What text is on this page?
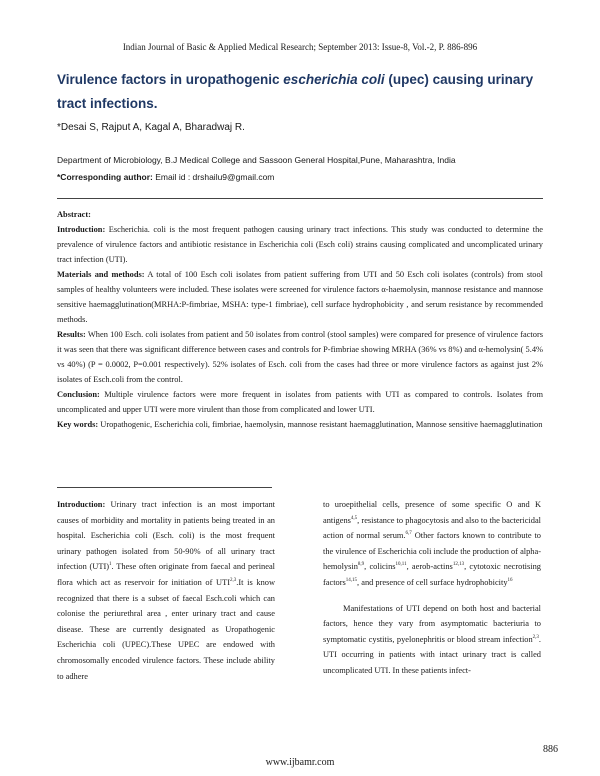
Indian Journal of Basic & Applied Medical Research; September 2013: Issue-8, Vol.-2, P. 886-896
Virulence factors in uropathogenic escherichia coli (upec) causing urinary tract infections.
*Desai S, Rajput A, Kagal A, Bharadwaj R.
Department of Microbiology, B.J Medical College and Sassoon General Hospital,Pune, Maharashtra, India
*Corresponding author: Email id : drshailu9@gmail.com

Abstract:

Introduction: Escherichia. coli is the most frequent pathogen causing urinary tract infections. This study was conducted to determine the prevalence of virulence factors and antibiotic resistance in Escherichia coli (Esch coli) strains causing complicated and uncomplicated urinary tract infection (UTI).

Materials and methods: A total of 100 Esch coli isolates from patient suffering from UTI and 50 Esch coli isolates (controls) from stool samples of healthy volunteers were included. These isolates were screened for virulence factors α-haemolysin, mannose resistance and mannose sensitive haemagglutination(MRHA:P-fimbriae, MSHA: type-1 fimbriae), cell surface hydrophobicity , and serum resistance by recommended methods.

Results: When 100 Esch. coli isolates from patient and 50 isolates from control (stool samples) were compared for presence of virulence factors it was seen that there was significant difference between cases and controls for P-fimbriae showing MRHA (36% vs 8%) and α-hemolysin( 5.4% vs 40%) (P = 0.0002, P=0.001 respectively). 52% isolates of Esch. coli from the cases had three or more virulence factors as against just 2% isolates of Esch.coli from the control.

Conclusion: Multiple virulence factors were more frequent in isolates from patients with UTI as compared to controls. Isolates from uncomplicated and upper UTI were more virulent than those from complicated and lower UTI.

Key words: Uropathogenic, Escherichia coli, fimbriae, haemolysin, mannose resistant haemagglutination, Mannose sensitive haemagglutination

Introduction: Urinary tract infection is an most important causes of morbidity and mortality in patients being treated in an hospital. Escherichia coli (Esch. coli) is the most frequent urinary pathogen isolated from 50-90% of all urinary tract infection (UTI)$^1$. These often originate from faecal and perineal flora which act as reservoir for initiation of UTI$^{2,3}$.It is know recognized that there is a subset of faecal Esch.coli which can colonise the periurethral area , enter urinary tract and cause disease. These are currently designated as Uropathogenic Escherichia coli (UPEC).These UPEC are endowed with chromosomally encoded virulence factors. These include ability to adhere

to uroepithelial cells, presence of some specific O and K antigens$^{4,5}$, resistance to phagocytosis and also to the bactericidal action of normal serum.$^{6,7}$ Other factors known to contribute to the virulence of Escherichia coli include the production of alpha-hemolysin$^{8,9}$, colicins$^{10,11}$, aerob-actins$^{12,13}$, cytotoxic necrotising factors$^{14,15}$, and presence of cell surface hydrophobicity$^{16}$

Manifestations of UTI depend on both host and bacterial factors, hence they vary from asymptomatic bacteriuria to symptomatic cystitis, pyelonephritis or blood stream infection$^{2,3}$. UTI occurring in patients with intact urinary tract is called uncomplicated UTI. In these patients infect-

886
www.ijbamr.com
